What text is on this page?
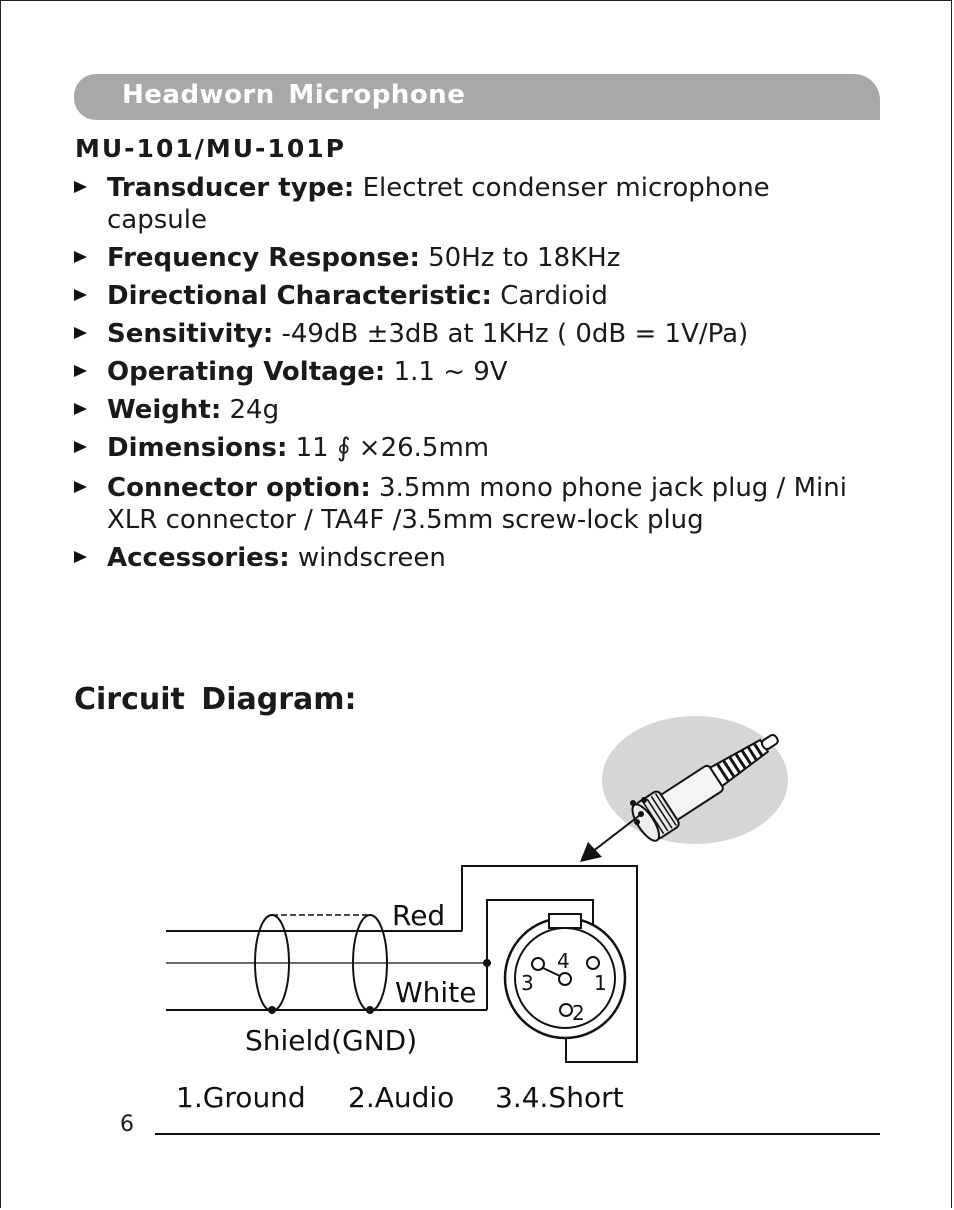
Headworn Microphone
MU-101/MU-101P
Transducer type: Electret condenser microphone capsule
Frequency Response: 50Hz to 18KHz
Directional Characteristic: Cardioid
Sensitivity: -49dB ±3dB at 1KHz ( 0dB = 1V/Pa)
Operating Voltage: 1.1 ~ 9V
Weight: 24g
Dimensions: 11 ∮ ×26.5mm
Connector option: 3.5mm mono phone jack plug / Mini XLR connector / TA4F /3.5mm screw-lock plug
Accessories: windscreen
Circuit Diagram:
Red
White
Shield(GND)
1
2
3
4
1.Ground 2.Audio 3.4.Short
6
